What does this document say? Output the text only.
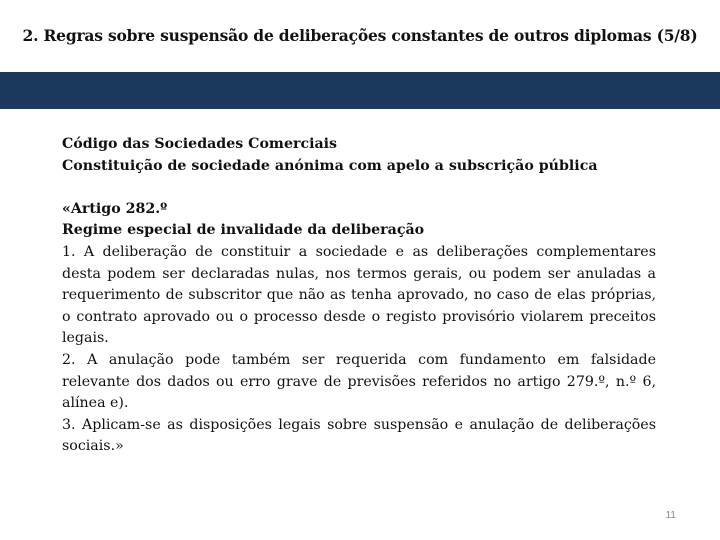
2. Regras sobre suspensão de deliberações constantes de outros diplomas (5/8)

Código das Sociedades Comerciais

Constituição de sociedade anónima com apelo a subscrição pública

«Artigo 282.º

Regime especial de invalidade da deliberação

1. A deliberação de constituir a sociedade e as deliberações complementares desta podem ser declaradas nulas, nos termos gerais, ou podem ser anuladas a requerimento de subscritor que não as tenha aprovado, no caso de elas próprias, o contrato aprovado ou o processo desde o registo provisório violarem preceitos legais.

2. A anulação pode também ser requerida com fundamento em falsidade relevante dos dados ou erro grave de previsões referidos no artigo 279.º, n.º 6, alínea e).

3. Aplicam-se as disposições legais sobre suspensão e anulação de deliberações sociais.»

11
